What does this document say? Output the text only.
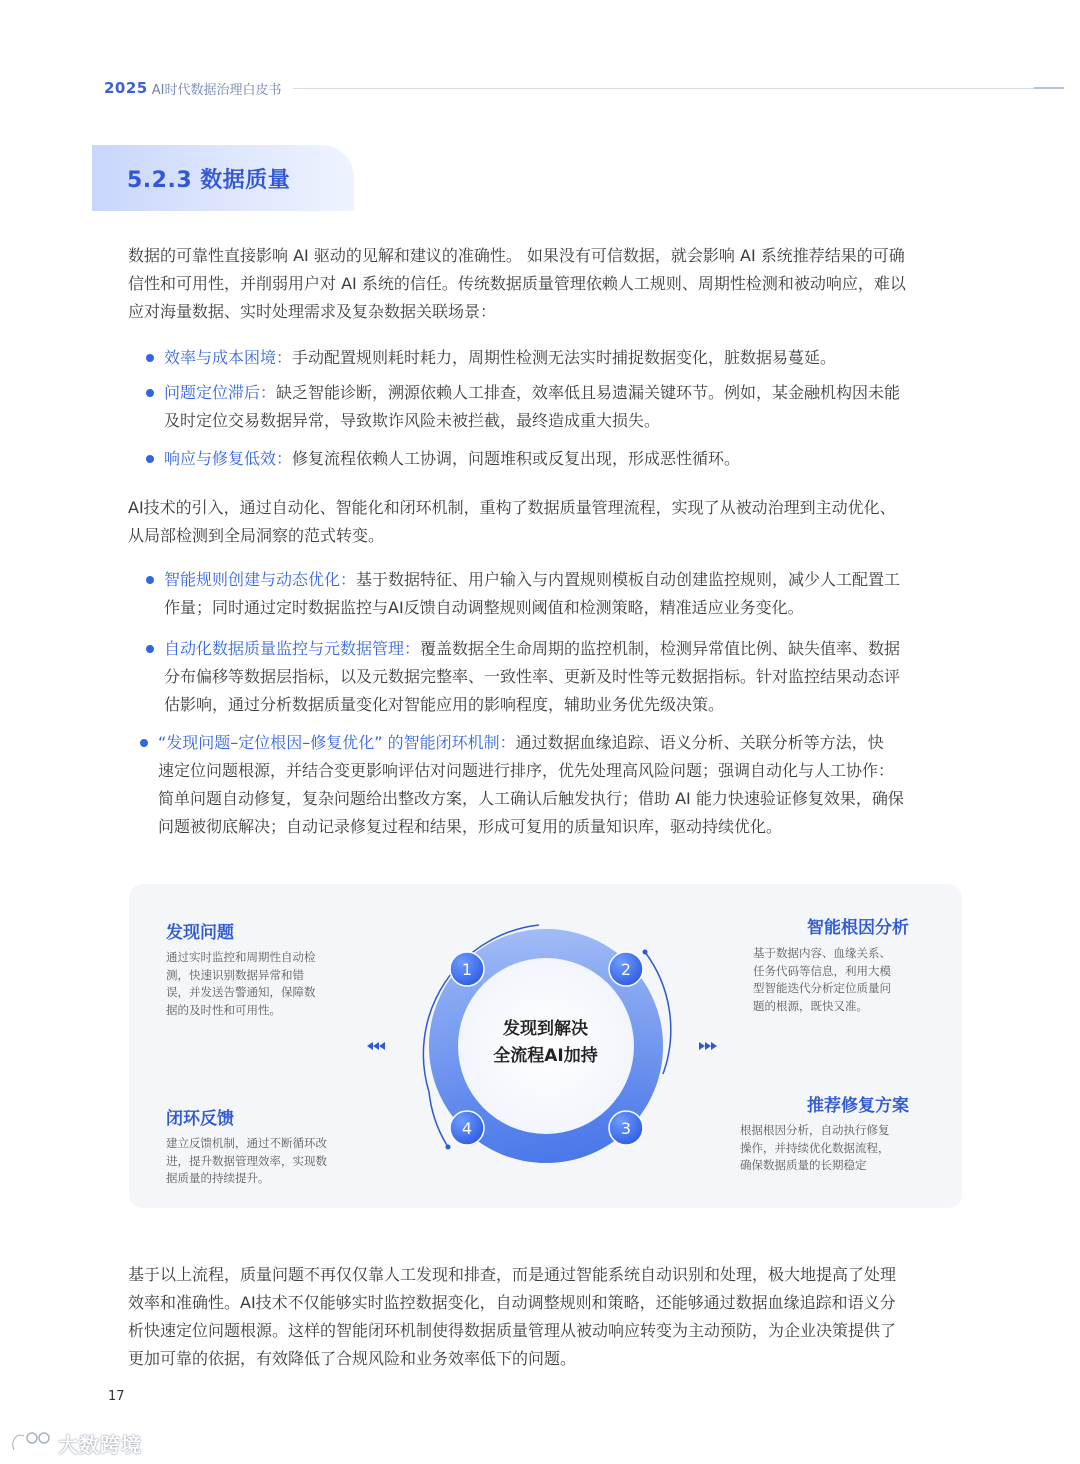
2025 AI时代数据治理白皮书
5.2.3 数据质量
数据的可靠性直接影响 AI 驱动的见解和建议的准确性。 如果没有可信数据，就会影响 AI 系统推荐结果的可确
信性和可用性，并削弱用户对 AI 系统的信任。传统数据质量管理依赖人工规则、周期性检测和被动响应，难以
应对海量数据、实时处理需求及复杂数据关联场景：
效率与成本困境：手动配置规则耗时耗力，周期性检测无法实时捕捉数据变化，脏数据易蔓延。
问题定位滞后：缺乏智能诊断，溯源依赖人工排查，效率低且易遗漏关键环节。例如，某金融机构因未能
及时定位交易数据异常，导致欺诈风险未被拦截，最终造成重大损失。
响应与修复低效：修复流程依赖人工协调，问题堆积或反复出现，形成恶性循环。
AI技术的引入，通过自动化、智能化和闭环机制，重构了数据质量管理流程，实现了从被动治理到主动优化、
从局部检测到全局洞察的范式转变。
智能规则创建与动态优化：基于数据特征、用户输入与内置规则模板自动创建监控规则，减少人工配置工
作量；同时通过定时数据监控与AI反馈自动调整规则阈值和检测策略，精准适应业务变化。
自动化数据质量监控与元数据管理：覆盖数据全生命周期的监控机制，检测异常值比例、缺失值率、数据
分布偏移等数据层指标，以及元数据完整率、一致性率、更新及时性等元数据指标。针对监控结果动态评
估影响，通过分析数据质量变化对智能应用的影响程度，辅助业务优先级决策。
“发现问题–定位根因–修复优化” 的智能闭环机制：通过数据血缘追踪、语义分析、关联分析等方法，快
速定位问题根源，并结合变更影响评估对问题进行排序，优先处理高风险问题；强调自动化与人工协作：
简单问题自动修复，复杂问题给出整改方案，人工确认后触发执行；借助 AI 能力快速验证修复效果，确保
问题被彻底解决；自动记录修复过程和结果，形成可复用的质量知识库，驱动持续优化。
1	2
3
4
发现到解决
全流程AI加持
发现问题
通过实时监控和周期性自动检
测，快速识别数据异常和错
误，并发送告警通知，保障数
据的及时性和可用性。
智能根因分析
基于数据内容、血缘关系、
任务代码等信息，利用大模
型智能迭代分析定位质量问
题的根源，既快又准。
推荐修复方案
根据根因分析，自动执行修复
操作，并持续优化数据流程，
确保数据质量的长期稳定
闭环反馈
建立反馈机制，通过不断循环改
进，提升数据管理效率，实现数
据质量的持续提升。
基于以上流程，质量问题不再仅仅靠人工发现和排查，而是通过智能系统自动识别和处理，极大地提高了处理
效率和准确性。AI技术不仅能够实时监控数据变化，自动调整规则和策略，还能够通过数据血缘追踪和语义分
析快速定位问题根源。这样的智能闭环机制使得数据质量管理从被动响应转变为主动预防，为企业决策提供了
更加可靠的依据，有效降低了合规风险和业务效率低下的问题。
17
大数跨境
